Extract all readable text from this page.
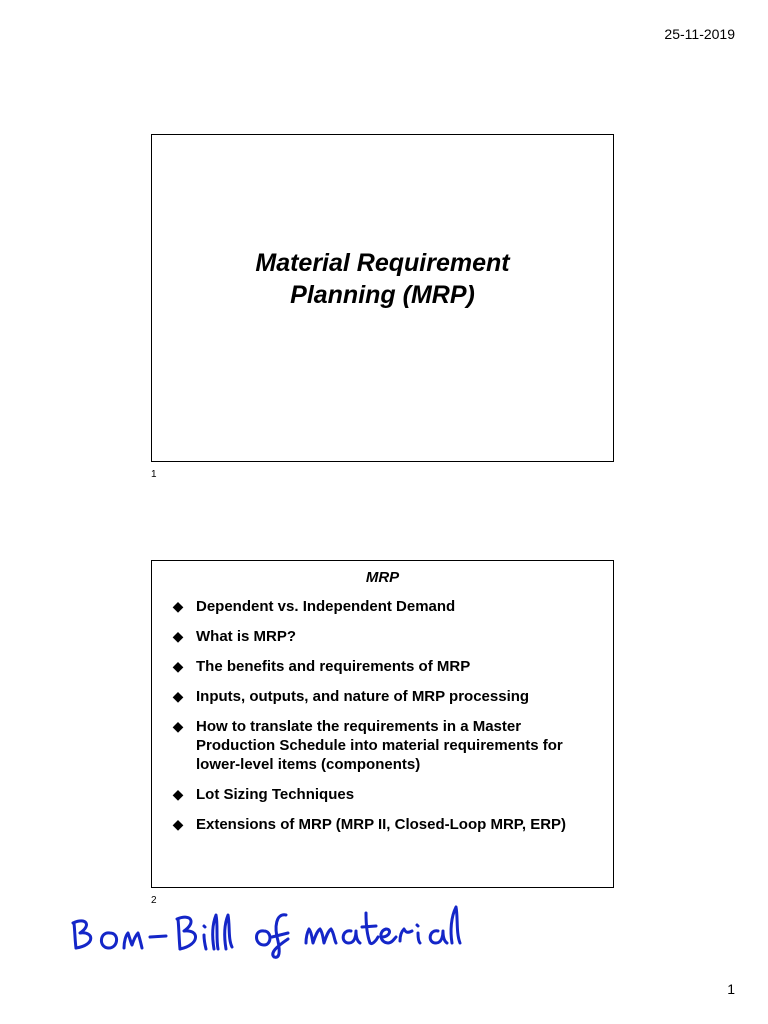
25-11-2019
Material Requirement
Planning (MRP)
1
MRP
◆ Dependent vs. Independent Demand
◆ What is MRP?
◆ The benefits and requirements of MRP
◆ Inputs, outputs, and nature of MRP processing
◆ How to translate the requirements in a Master Production Schedule into material requirements for lower-level items (components)
◆ Lot Sizing Techniques
◆ Extensions of MRP (MRP II, Closed-Loop MRP, ERP)
2
1
